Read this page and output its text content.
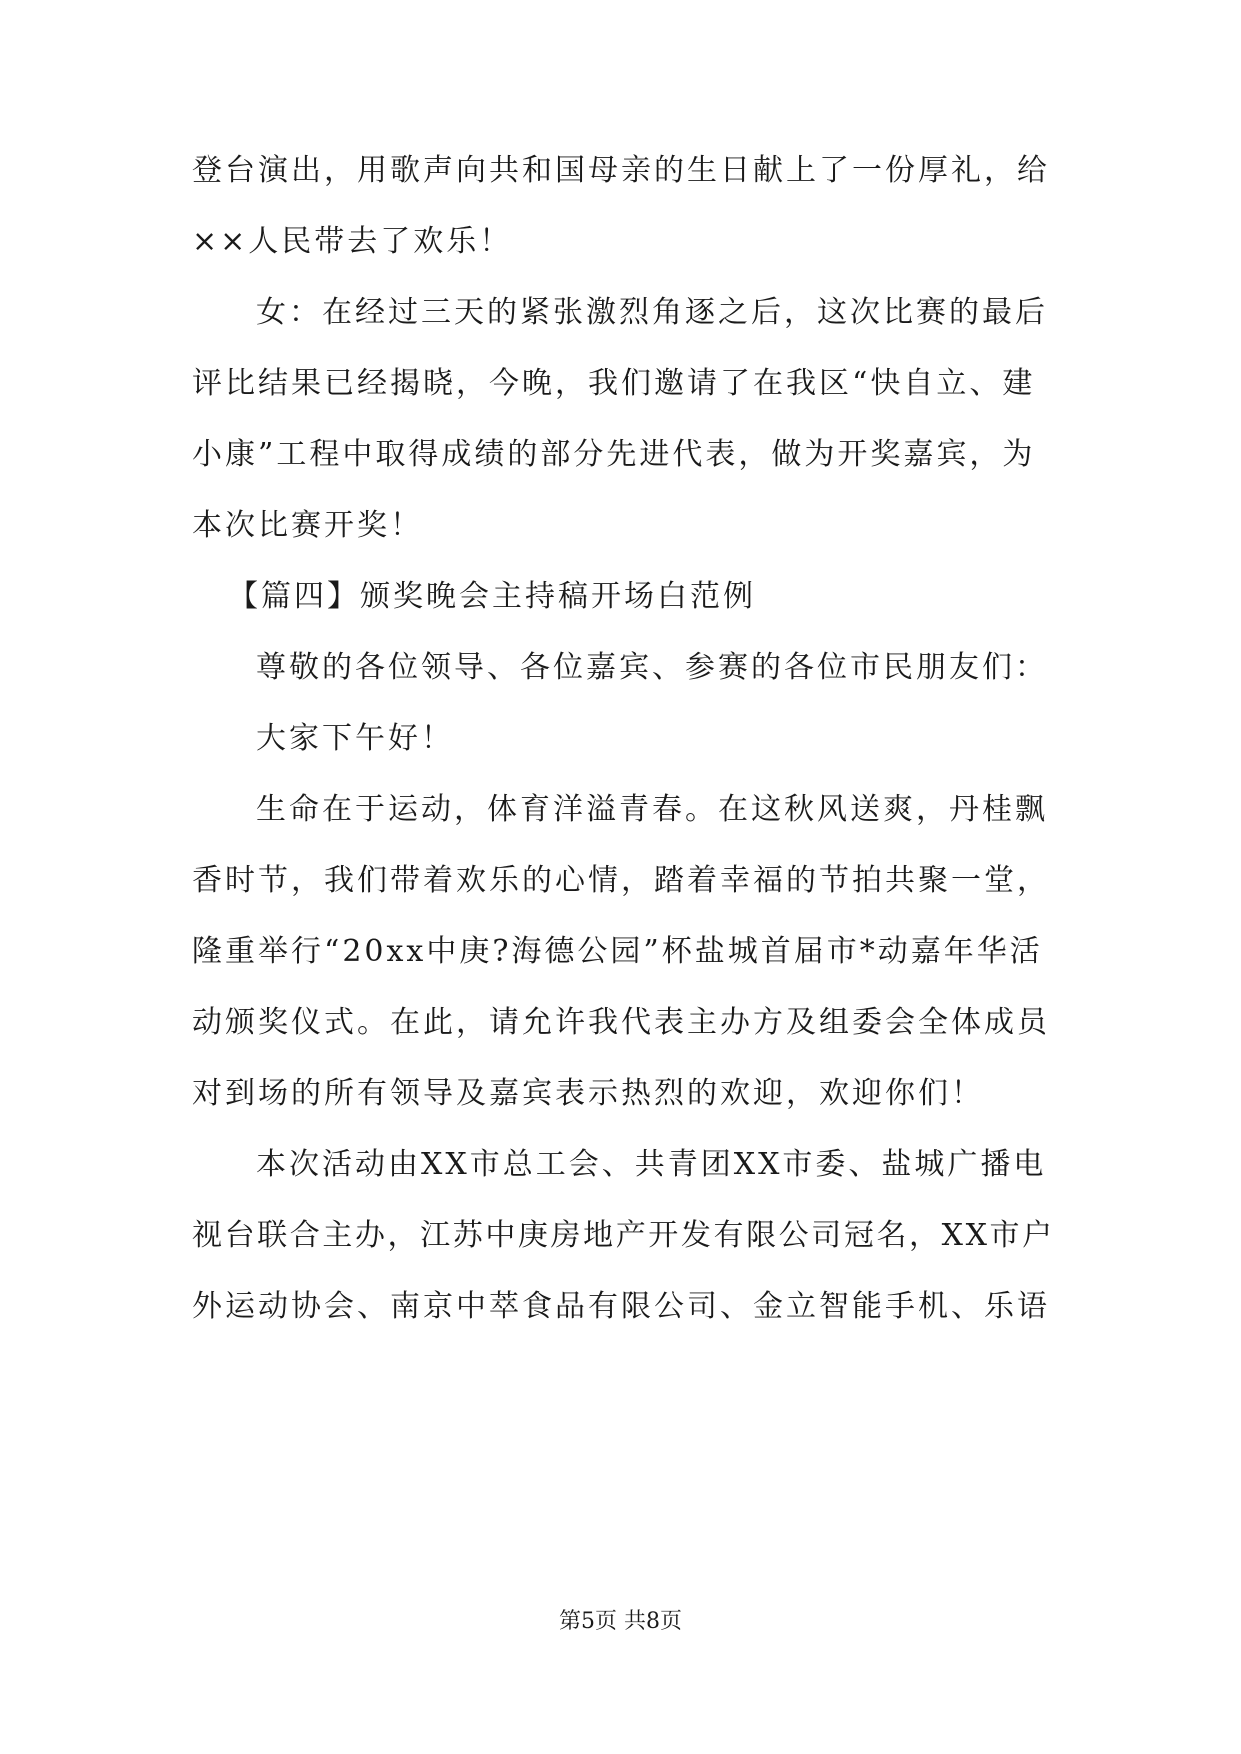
登台演出，用歌声向共和国母亲的生日献上了一份厚礼，给
××人民带去了欢乐！
女：在经过三天的紧张激烈角逐之后，这次比赛的最后
评比结果已经揭晓，今晚，我们邀请了在我区“快自立、建
小康”工程中取得成绩的部分先进代表，做为开奖嘉宾，为
本次比赛开奖！
【篇四】颁奖晚会主持稿开场白范例
尊敬的各位领导、各位嘉宾、参赛的各位市民朋友们：
大家下午好！
生命在于运动，体育洋溢青春。在这秋风送爽，丹桂飘
香时节，我们带着欢乐的心情，踏着幸福的节拍共聚一堂，
隆重举行“20xx中庚?海德公园”杯盐城首届市*动嘉年华活
动颁奖仪式。在此，请允许我代表主办方及组委会全体成员
对到场的所有领导及嘉宾表示热烈的欢迎，欢迎你们！
本次活动由XX市总工会、共青团XX市委、盐城广播电
视台联合主办，江苏中庚房地产开发有限公司冠名，XX市户
外运动协会、南京中萃食品有限公司、金立智能手机、乐语
第5页 共8页
